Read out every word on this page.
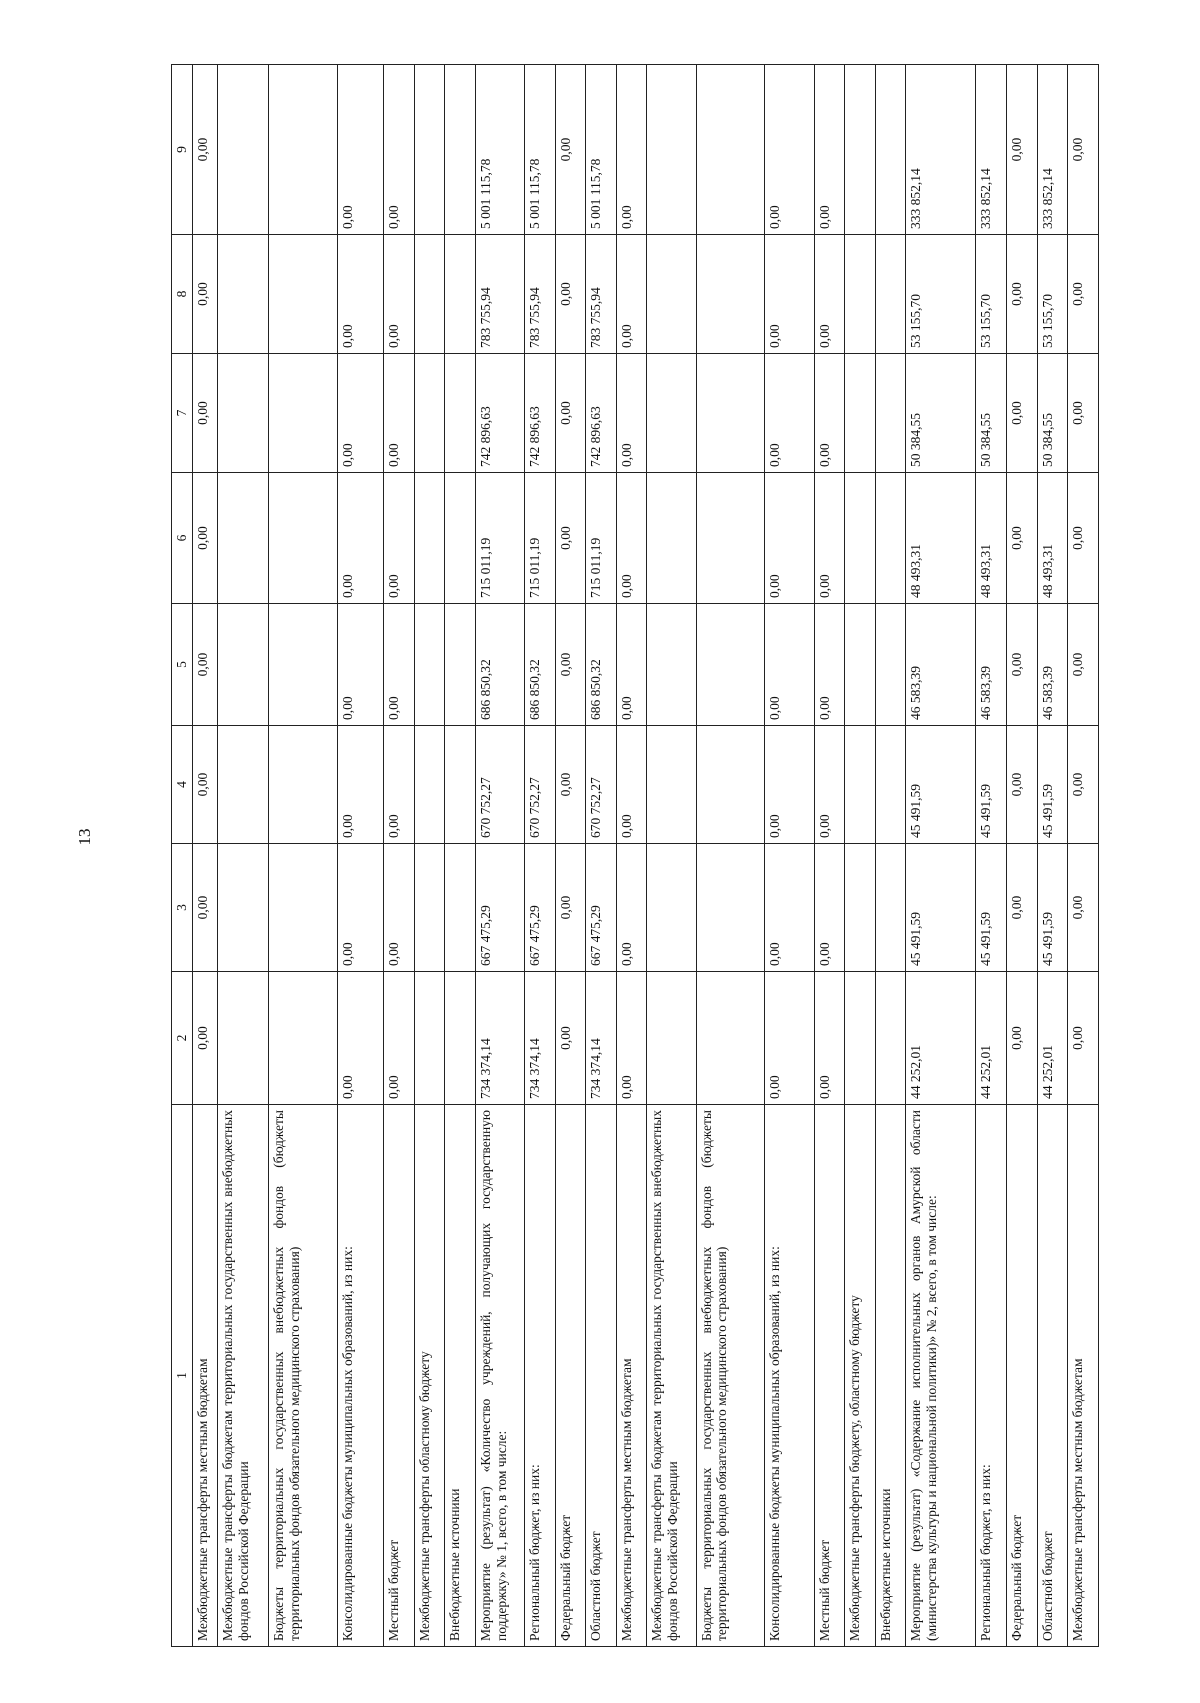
13
1	2	3	4	5	6	7	8	9
Межбюджетные трансферты местным бюджетам	0,00	0,00	0,00	0,00	0,00	0,00	0,00	0,00
Межбюджетные трансферты бюджетам территориальных государственных внебюджетных фондов Российской Федерации								
Бюджеты территориальных государственных внебюджетных фондов (бюджеты территориальных фондов обязательного медицинского страхования)								
Консолидированные бюджеты муниципальных образований, из них:	0,00	0,00	0,00	0,00	0,00	0,00	0,00	0,00
Местный бюджет	0,00	0,00	0,00	0,00	0,00	0,00	0,00	0,00
Межбюджетные трансферты областному бюджету								
Внебюджетные источники								
Мероприятие (результат) «Количество учреждений, получающих государственную поддержку» № 1, всего, в том числе:	734 374,14	667 475,29	670 752,27	686 850,32	715 011,19	742 896,63	783 755,94	5 001 115,78
Региональный бюджет, из них:	734 374,14	667 475,29	670 752,27	686 850,32	715 011,19	742 896,63	783 755,94	5 001 115,78
Федеральный бюджет	0,00	0,00	0,00	0,00	0,00	0,00	0,00	0,00
Областной бюджет	734 374,14	667 475,29	670 752,27	686 850,32	715 011,19	742 896,63	783 755,94	5 001 115,78
Межбюджетные трансферты местным бюджетам	0,00	0,00	0,00	0,00	0,00	0,00	0,00	0,00
Межбюджетные трансферты бюджетам территориальных государственных внебюджетных фондов Российской Федерации								
Бюджеты территориальных государственных внебюджетных фондов (бюджеты территориальных фондов обязательного медицинского страхования)								
Консолидированные бюджеты муниципальных образований, из них:	0,00	0,00	0,00	0,00	0,00	0,00	0,00	0,00
Местный бюджет	0,00	0,00	0,00	0,00	0,00	0,00	0,00	0,00
Межбюджетные трансферты бюджету, областному бюджету								
Внебюджетные источники								
Мероприятие (результат) «Содержание исполнительных органов Амурской области (министерства культуры и национальной политики)» № 2, всего, в том числе:	44 252,01	45 491,59	45 491,59	46 583,39	48 493,31	50 384,55	53 155,70	333 852,14
Региональный бюджет, из них:	44 252,01	45 491,59	45 491,59	46 583,39	48 493,31	50 384,55	53 155,70	333 852,14
Федеральный бюджет	0,00	0,00	0,00	0,00	0,00	0,00	0,00	0,00
Областной бюджет	44 252,01	45 491,59	45 491,59	46 583,39	48 493,31	50 384,55	53 155,70	333 852,14
Межбюджетные трансферты местным бюджетам	0,00	0,00	0,00	0,00	0,00	0,00	0,00	0,00
